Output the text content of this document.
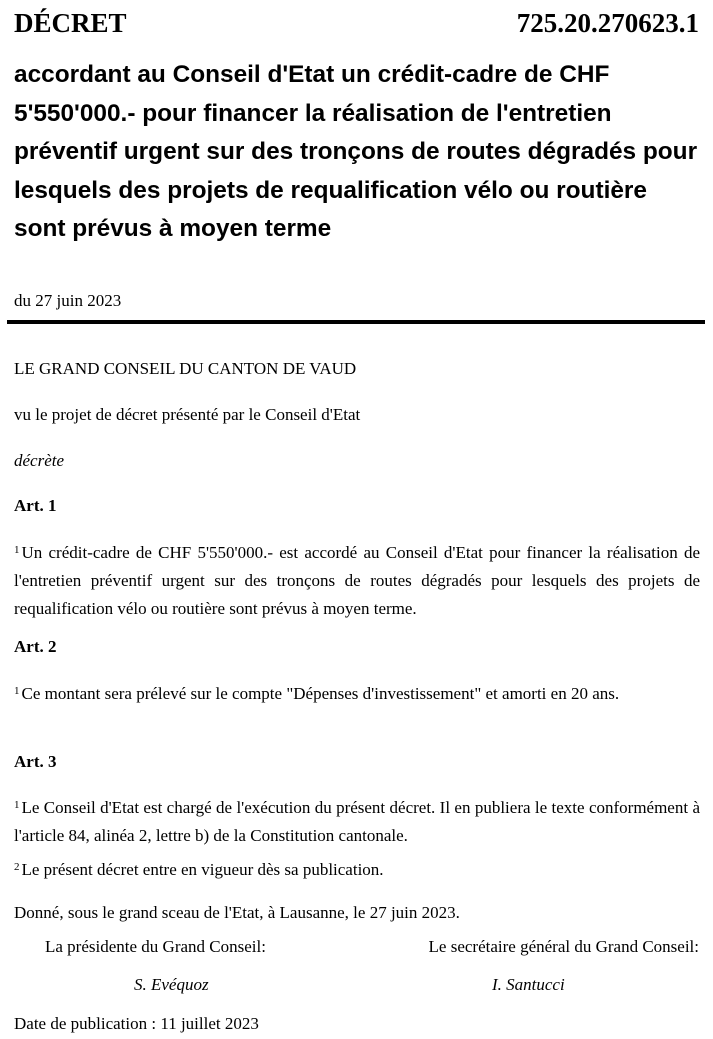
DÉCRET	725.20.270623.1
accordant au Conseil d'Etat un crédit-cadre de CHF 5'550'000.- pour financer la réalisation de l'entretien préventif urgent sur des tronçons de routes dégradés pour lesquels des projets de requalification vélo ou routière sont prévus à moyen terme
du 27 juin 2023
LE GRAND CONSEIL DU CANTON DE VAUD
vu le projet de décret présenté par le Conseil d'Etat
décrète
Art. 1

$^1$ Un crédit-cadre de CHF 5'550'000.- est accordé au Conseil d'Etat pour financer la réalisation de l'entretien préventif urgent sur des tronçons de routes dégradés pour lesquels des projets de requalification vélo ou routière sont prévus à moyen terme.

Art. 2

$^1$ Ce montant sera prélevé sur le compte "Dépenses d'investissement" et amorti en 20 ans.

Art. 3

$^1$ Le Conseil d'Etat est chargé de l'exécution du présent décret. Il en publiera le texte conformément à l'article 84, alinéa 2, lettre b) de la Constitution cantonale.

$^2$ Le présent décret entre en vigueur dès sa publication.

Donné, sous le grand sceau de l'Etat, à Lausanne, le 27 juin 2023.
La présidente du Grand Conseil:	Le secrétaire général du Grand Conseil:
S. Evéquoz	I. Santucci
Date de publication : 11 juillet 2023
